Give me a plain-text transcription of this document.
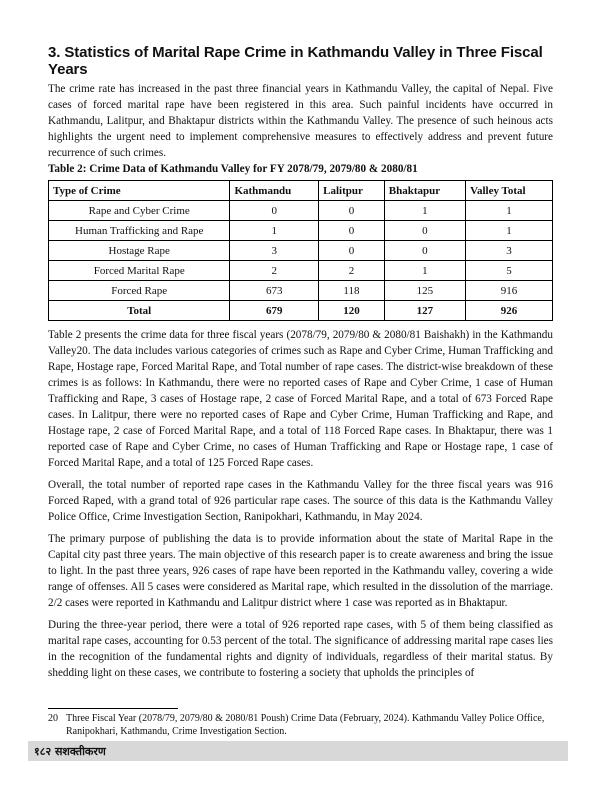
3. Statistics of Marital Rape Crime in Kathmandu Valley in Three Fiscal Years

The crime rate has increased in the past three financial years in Kathmandu Valley, the capital of Nepal. Five cases of forced marital rape have been registered in this area. Such painful incidents have occurred in Kathmandu, Lalitpur, and Bhaktapur districts within the Kathmandu Valley. The presence of such heinous acts highlights the urgent need to implement comprehensive measures to effectively address and prevent future recurrence of such crimes.

Table 2: Crime Data of Kathmandu Valley for FY 2078/79, 2079/80 & 2080/81
Type of Crime	Kathmandu	Lalitpur	Bhaktapur	Valley Total
Rape and Cyber Crime	0	0	1	1
Human Trafficking and Rape	1	0	0	1
Hostage Rape	3	0	0	3
Forced Marital Rape	2	2	1	5
Forced Rape	673	118	125	916
Total	679	120	127	926

Table 2 presents the crime data for three fiscal years (2078/79, 2079/80 & 2080/81 Baishakh) in the Kathmandu Valley20. The data includes various categories of crimes such as Rape and Cyber Crime, Human Trafficking and Rape, Hostage rape, Forced Marital Rape, and Total number of rape cases. The district-wise breakdown of these crimes is as follows: In Kathmandu, there were no reported cases of Rape and Cyber Crime, 1 case of Human Trafficking and Rape, 3 cases of Hostage rape, 2 case of Forced Marital Rape, and a total of 673 Forced Rape cases. In Lalitpur, there were no reported cases of Rape and Cyber Crime, Human Trafficking and Rape, and Hostage rape, 2 case of Forced Marital Rape, and a total of 118 Forced Rape cases. In Bhaktapur, there was 1 reported case of Rape and Cyber Crime, no cases of Human Trafficking and Rape or Hostage rape, 1 case of Forced Marital Rape, and a total of 125 Forced Rape cases.

Overall, the total number of reported rape cases in the Kathmandu Valley for the three fiscal years was 916 Forced Raped, with a grand total of 926 particular rape cases. The source of this data is the Kathmandu Valley Police Office, Crime Investigation Section, Ranipokhari, Kathmandu, in May 2024.

The primary purpose of publishing the data is to provide information about the state of Marital Rape in the Capital city past three years. The main objective of this research paper is to create awareness and bring the issue to light. In the past three years, 926 cases of rape have been reported in the Kathmandu valley, covering a wide range of offenses. All 5 cases were considered as Marital rape, which resulted in the dissolution of the marriage. 2/2 cases were reported in Kathmandu and Lalitpur district where 1 case was reported as in Bhaktapur.

During the three-year period, there were a total of 926 reported rape cases, with 5 of them being classified as marital rape cases, accounting for 0.53 percent of the total. The significance of addressing marital rape cases lies in the recognition of the fundamental rights and dignity of individuals, regardless of their marital status. By shedding light on these cases, we contribute to fostering a society that upholds the principles of

20 Three Fiscal Year (2078/79, 2079/80 & 2080/81 Poush) Crime Data (February, 2024). Kathmandu Valley Police Office, Ranipokhari, Kathmandu, Crime Investigation Section.
१८२ सशक्तीकरण
